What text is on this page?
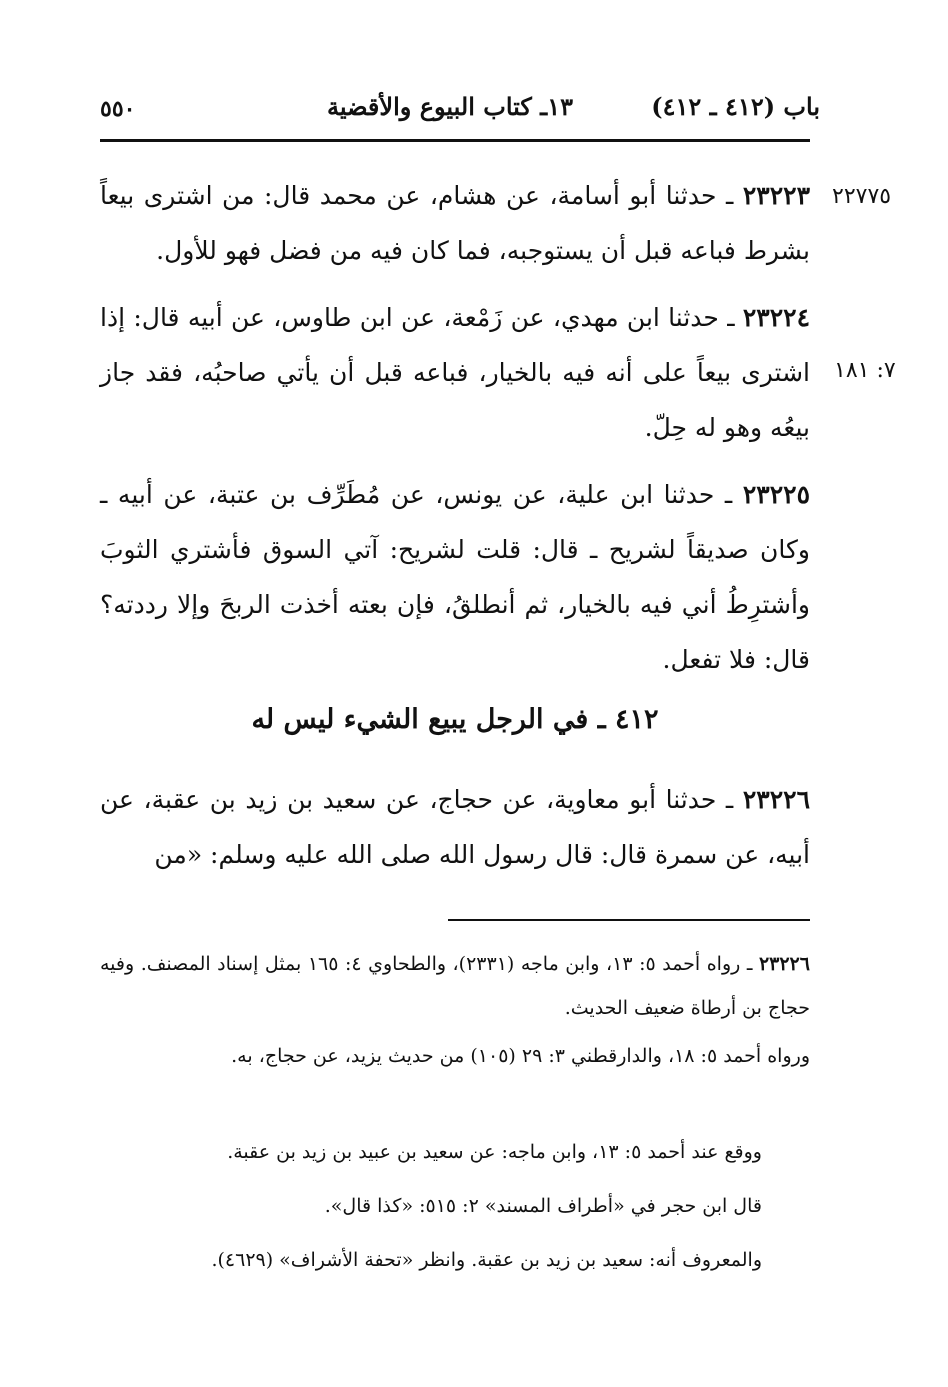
٥٥٠	١٣ـ كتاب البيوع والأقضية	باب (٤١٢ ـ ٤١٢)
٢٢٧٧٥
٧: ١٨١
٢٣٢٢٣ ـ حدثنا أبو أسامة، عن هشام، عن محمد قال: من اشترى بيعاً بشرط فباعه قبل أن يستوجبه، فما كان فيه من فضل فهو للأول.
٢٣٢٢٤ ـ حدثنا ابن مهدي، عن زَمْعة، عن ابن طاوس، عن أبيه قال: إذا اشترى بيعاً على أنه فيه بالخيار، فباعه قبل أن يأتي صاحبُه، فقد جاز بيعُه وهو له حِلّ.
٢٣٢٢٥ ـ حدثنا ابن علية، عن يونس، عن مُطَرِّف بن عتبة، عن أبيه ـ وكان صديقاً لشريح ـ قال: قلت لشريح: آتي السوق فأشتري الثوبَ وأشترِطُ أني فيه بالخيار، ثم أنطلقُ، فإن بعته أخذت الربحَ وإلا رددته؟ قال: فلا تفعل.
٤١٢ ـ في الرجل يبيع الشيء ليس له
٢٣٢٢٦ ـ حدثنا أبو معاوية، عن حجاج، عن سعيد بن زيد بن عقبة، عن أبيه، عن سمرة قال: قال رسول الله صلى الله عليه وسلم: «من
٢٣٢٢٦ ـ رواه أحمد ٥: ١٣، وابن ماجه (٢٣٣١)، والطحاوي ٤: ١٦٥ بمثل إسناد المصنف. وفيه حجاج بن أرطاة ضعيف الحديث.
ورواه أحمد ٥: ١٨، والدارقطني ٣: ٢٩ (١٠٥) من حديث يزيد، عن حجاج، به.
ووقع عند أحمد ٥: ١٣، وابن ماجه: عن سعيد بن عبيد بن زيد بن عقبة.
قال ابن حجر في «أطراف المسند» ٢: ٥١٥: «كذا قال».
والمعروف أنه: سعيد بن زيد بن عقبة. وانظر «تحفة الأشراف» (٤٦٢٩).
